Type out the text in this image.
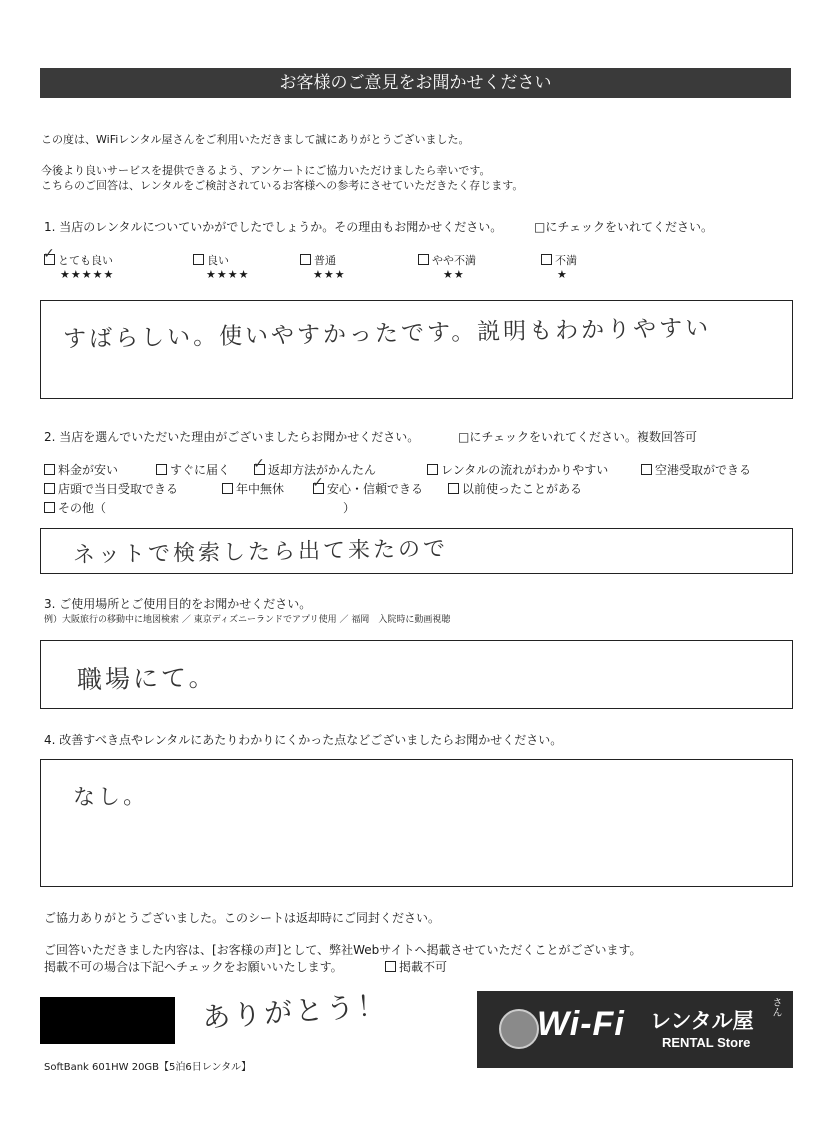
お客様のご意見をお聞かせください
この度は、WiFiレンタル屋さんをご利用いただきまして誠にありがとうございました。
今後より良いサービスを提供できるよう、アンケートにご協力いただけましたら幸いです。
こちらのご回答は、レンタルをご検討されているお客様への参考にさせていただきたく存じます。
1. 当店のレンタルについていかがでしたでしょうか。その理由もお聞かせください。	□にチェックをいれてください。
✓ とても良い
★★★★★
良い
★★★★
普通
★★★
やや不満
★★
不満
★
すばらしい。使いやすかったです。説明もわかりやすい
2. 当店を選んでいただいた理由がございましたらお聞かせください。	□にチェックをいれてください。複数回答可
料金が安い	すぐに届く ✓ 返却方法がかんたん	レンタルの流れがわかりやすい	空港受取ができる
店頭で当日受取できる	年中無休 ✓ 安心・信頼できる	以前使ったことがある
その他（	）
ネットで検索したら出て来たので
3. ご使用場所とご使用目的をお聞かせください。
例）大阪旅行の移動中に地図検索 ／ 東京ディズニーランドでアプリ使用 ／ 福岡　入院時に動画視聴
職場にて。
4. 改善すべき点やレンタルにあたりわかりにくかった点などございましたらお聞かせください。
なし。
ご協力ありがとうございました。このシートは返却時にご同封ください。
ご回答いただきました内容は、[お客様の声]として、弊社Webサイトへ掲載させていただくことがございます。
掲載不可の場合は下記へチェックをお願いいたします。	掲載不可
ありがとう！
SoftBank 601HW 20GB【5泊6日レンタル】
Wi-Fi レンタル屋
さん
RENTAL Store
